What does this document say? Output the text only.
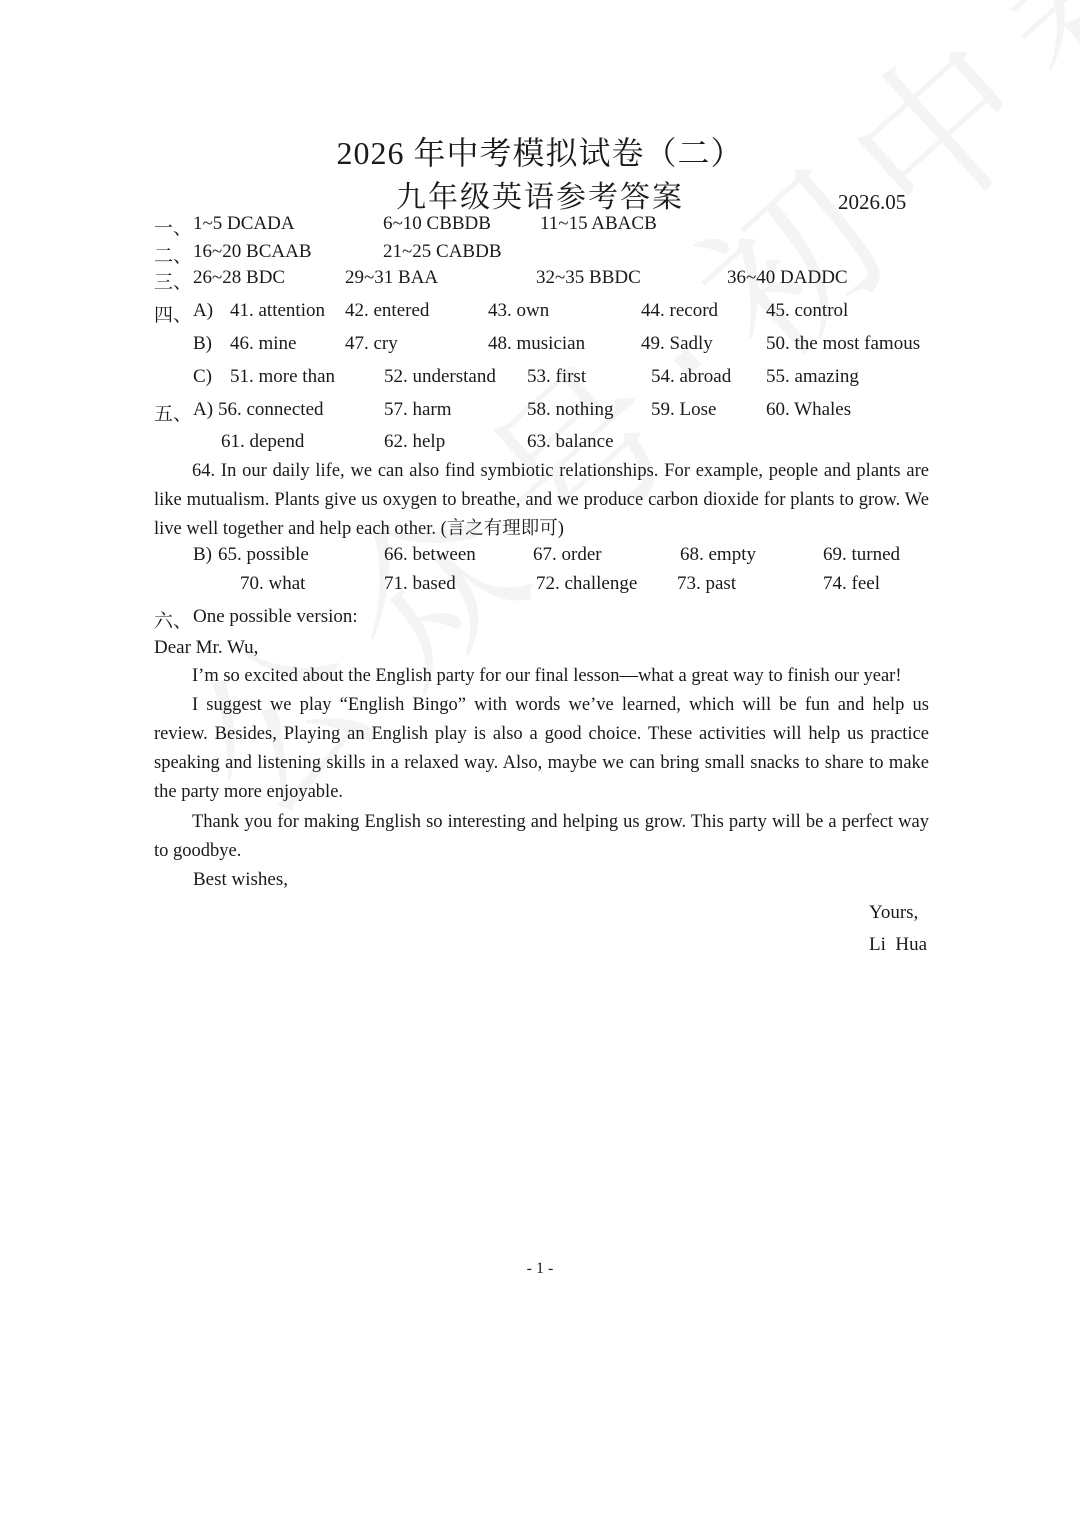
2026 年中考模拟试卷（二）
九年级英语参考答案	2026.05
一、 1~5 DCADA	6~10 CBBDB	11~15 ABACB
二、 16~20 BCAAB	21~25 CABDB
三、 26~28 BDC	29~31 BAA	32~35 BBDC	36~40 DADDC
四、 A) 41. attention 42. entered	43. own	44. record	45. control
B) 46. mine	47. cry	48. musician	49. Sadly	50. the most famous
C) 51. more than	52. understand 53. first	54. abroad 55. amazing
五、 A) 56. connected	57. harm	58. nothing 59. Lose	60. Whales
61. depend	62. help	63. balance
64. In our daily life, we can also find symbiotic relationships. For example, people and plants are like mutualism. Plants give us oxygen to breathe, and we produce carbon dioxide for plants to grow. We live well together and help each other. (言之有理即可)
B) 65. possible	66. between	67. order	68. empty	69. turned
70. what	71. based	72. challenge 73. past	74. feel
六、 One possible version:
Dear Mr. Wu,
I’m so excited about the English party for our final lesson—what a great way to finish our year!
I suggest we play “English Bingo” with words we’ve learned, which will be fun and help us review. Besides, Playing an English play is also a good choice. These activities will help us practice speaking and listening skills in a relaxed way. Also, maybe we can bring small snacks to share to make the party more enjoyable.
Thank you for making English so interesting and helping us grow. This party will be a perfect way to goodbye.
Best wishes,
Yours,
Li  Hua
- 1 -
